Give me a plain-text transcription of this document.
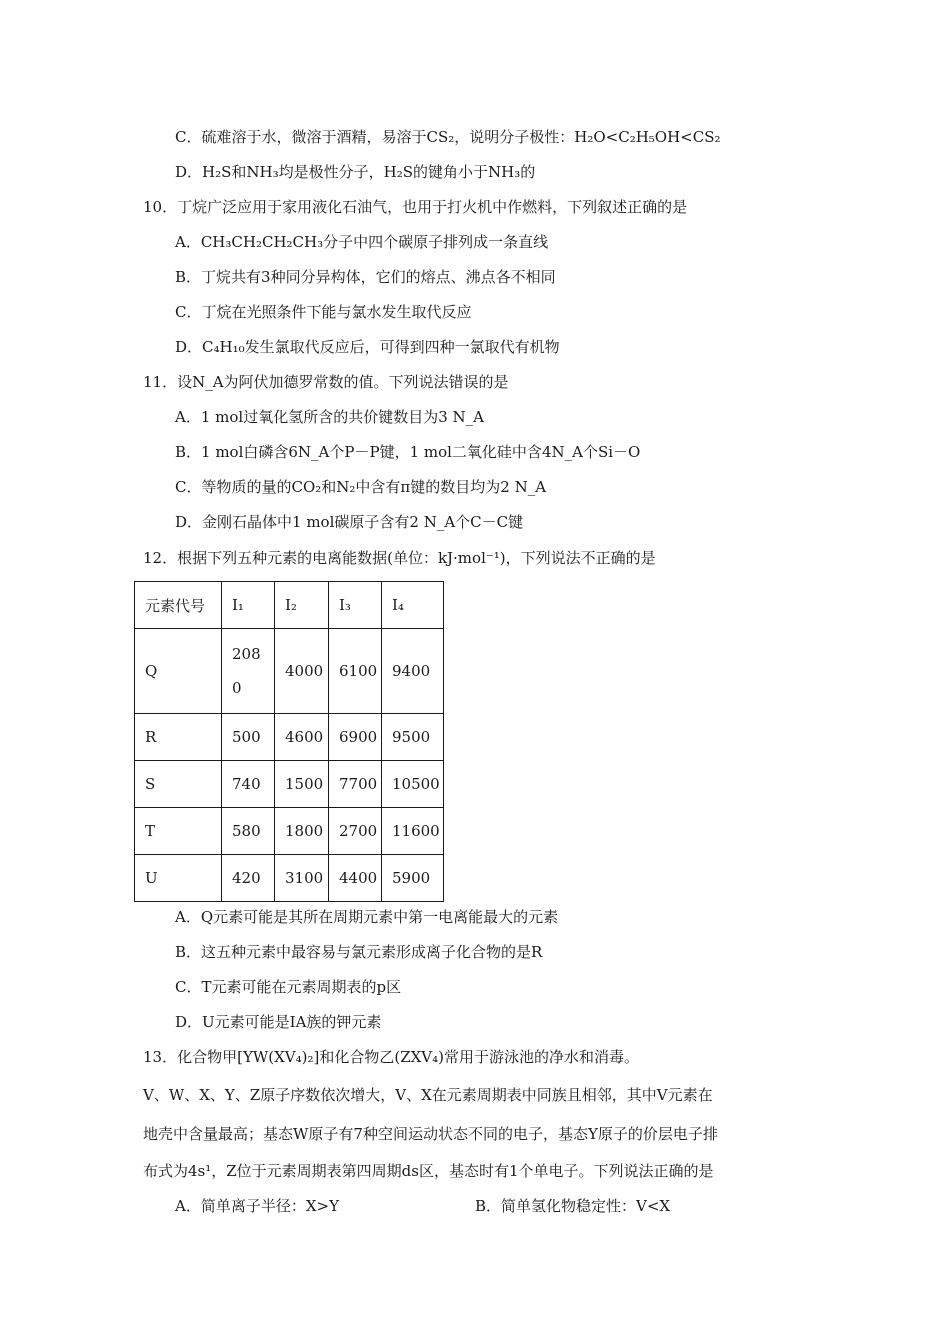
C．硫难溶于水，微溶于酒精，易溶于CS₂，说明分子极性：H₂O<C₂H₅OH<CS₂
D．H₂S和NH₃均是极性分子，H₂S的键角小于NH₃的
10．丁烷广泛应用于家用液化石油气，也用于打火机中作燃料，下列叙述正确的是
A．CH₃CH₂CH₂CH₃分子中四个碳原子排列成一条直线
B．丁烷共有3种同分异构体，它们的熔点、沸点各不相同
C．丁烷在光照条件下能与氯水发生取代反应
D．C₄H₁₀发生氯取代反应后，可得到四种一氯取代有机物
11．设N_A为阿伏加德罗常数的值。下列说法错误的是
A．1 mol过氧化氢所含的共价键数目为3 N_A
B．1 mol白磷含6N_A个P－P键，1 mol二氧化硅中含4N_A个Si－O
C．等物质的量的CO₂和N₂中含有π键的数目均为2 N_A
D．金刚石晶体中1 mol碳原子含有2 N_A个C－C键
12．根据下列五种元素的电离能数据(单位：kJ·mol⁻¹)，下列说法不正确的是
元素代号	I₁	I₂	I₃	I₄
Q	2080	4000	6100	9400
R	500	4600	6900	9500
S	740	1500	7700	10500
T	580	1800	2700	11600
U	420	3100	4400	5900
A．Q元素可能是其所在周期元素中第一电离能最大的元素
B．这五种元素中最容易与氯元素形成离子化合物的是R
C．T元素可能在元素周期表的p区
D．U元素可能是ⅠA族的钾元素
13．化合物甲[YW(XV₄)₂]和化合物乙(ZXV₄)常用于游泳池的净水和消毒。
V、W、X、Y、Z原子序数依次增大，V、X在元素周期表中同族且相邻，其中V元素在
地壳中含量最高；基态W原子有7种空间运动状态不同的电子，基态Y原子的价层电子排
布式为4s¹，Z位于元素周期表第四周期ds区，基态时有1个单电子。下列说法正确的是
A．简单离子半径：X>Y	B．简单氢化物稳定性：V<X
